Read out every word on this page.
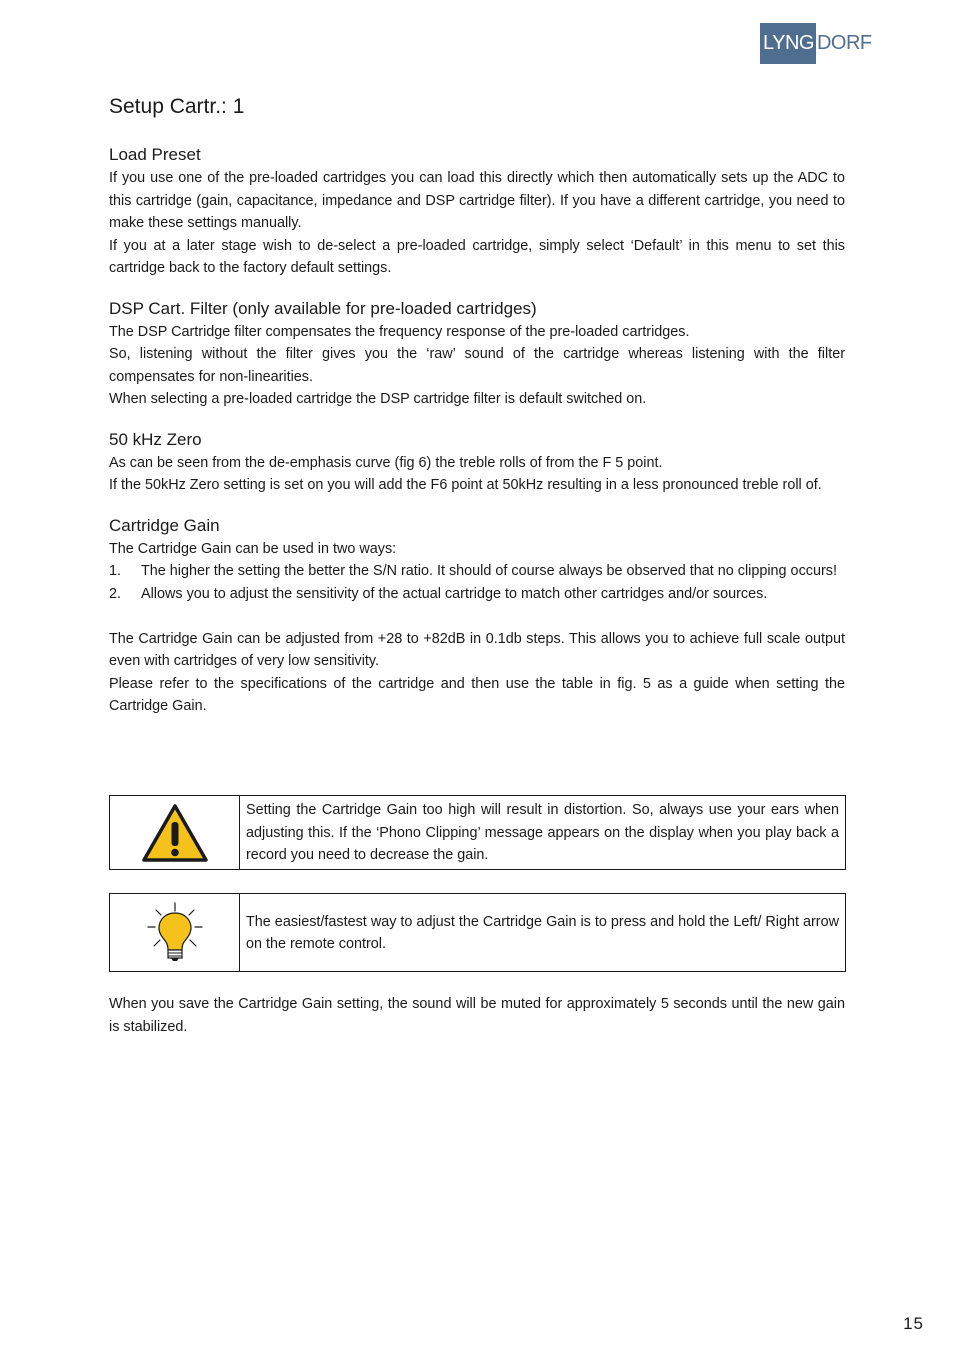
LYNG DORF
Setup Cartr.: 1
Load Preset

If you use one of the pre-loaded cartridges you can load this directly which then automatically sets up the ADC to this cartridge (gain, capacitance, impedance and DSP cartridge filter). If you have a different cartridge, you need to make these settings manually.

If you at a later stage wish to de-select a pre-loaded cartridge, simply select ‘Default’ in this menu to set this cartridge back to the factory default settings.

DSP Cart. Filter (only available for pre-loaded cartridges)

The DSP Cartridge filter compensates the frequency response of the pre-loaded cartridges.

So, listening without the filter gives you the ‘raw’ sound of the cartridge whereas listening with the filter compensates for non-linearities.

When selecting a pre-loaded cartridge the DSP cartridge filter is default switched on.

50 kHz Zero

As can be seen from the de-emphasis curve (fig 6) the treble rolls of from the F 5 point.

If the 50kHz Zero setting is set on you will add the F6 point at 50kHz resulting in a less pronounced treble roll of.

Cartridge Gain

The Cartridge Gain can be used in two ways:

1.	The higher the setting the better the S/N ratio. It should of course always be observed that no clipping occurs!
2.	Allows you to adjust the sensitivity of the actual cartridge to match other cartridges and/or sources.

The Cartridge Gain can be adjusted from +28 to +82dB in 0.1db steps. This allows you to achieve full scale output even with cartridges of very low sensitivity.

Please refer to the specifications of the cartridge and then use the table in fig. 5 as a guide when setting the Cartridge Gain.

Setting the Cartridge Gain too high will result in distortion. So, always use your ears when adjusting this. If the ‘Phono Clipping’ message appears on the display when you play back a record you need to decrease the gain.

The easiest/fastest way to adjust the Cartridge Gain is to press and hold the Left/ Right arrow on the remote control.

When you save the Cartridge Gain setting, the sound will be muted for approximately 5 seconds until the new gain is stabilized.

15
